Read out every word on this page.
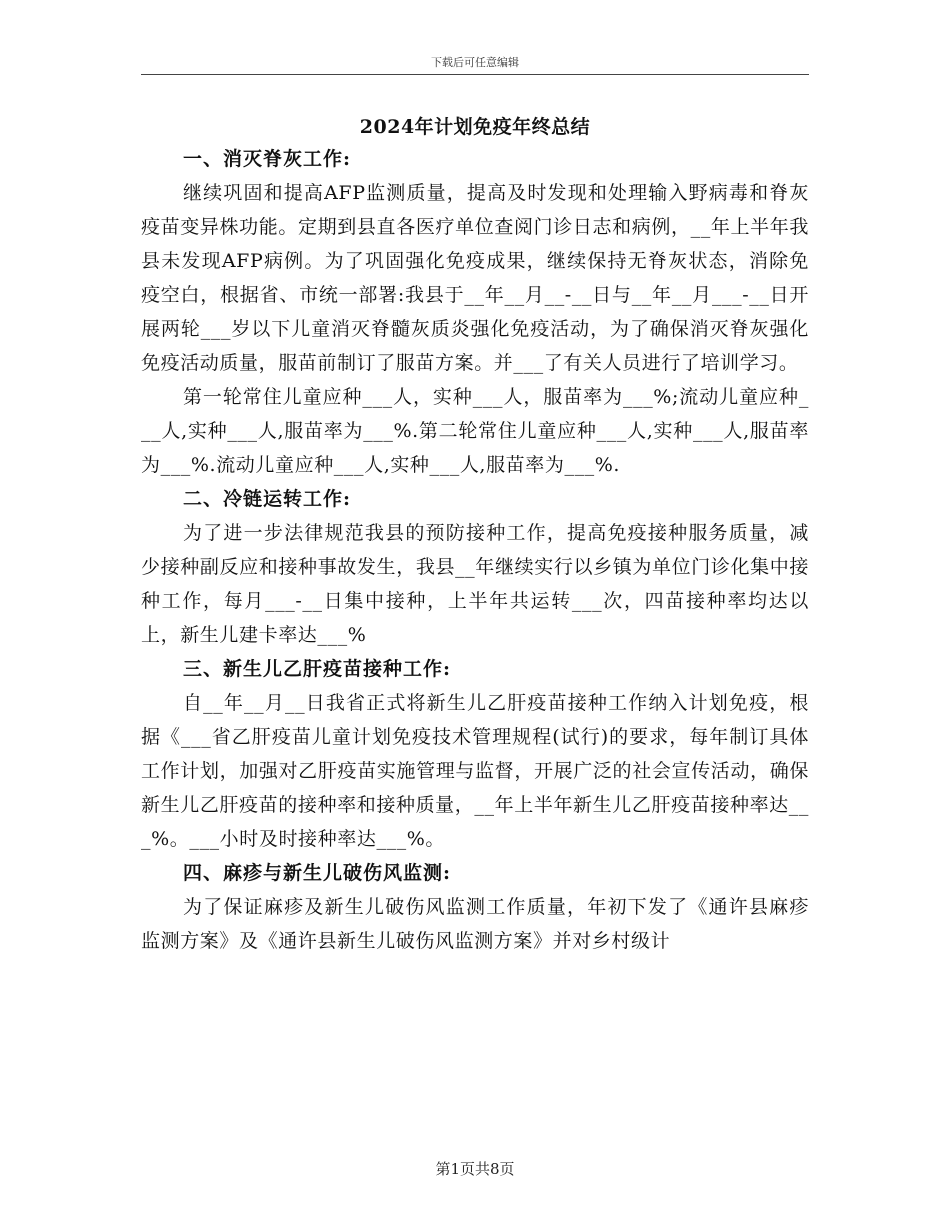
下载后可任意编辑
2024年计划免疫年终总结
一、消灭脊灰工作:

继续巩固和提高AFP监测质量，提高及时发现和处理输入野病毒和脊灰疫苗变异株功能。定期到县直各医疗单位查阅门诊日志和病例，__年上半年我县未发现AFP病例。为了巩固强化免疫成果，继续保持无脊灰状态，消除免疫空白，根据省、市统一部署:我县于__年__月__-__日与__年__月___-__日开展两轮___岁以下儿童消灭脊髓灰质炎强化免疫活动，为了确保消灭脊灰强化免疫活动质量，服苗前制订了服苗方案。并___了有关人员进行了培训学习。

第一轮常住儿童应种___人，实种___人，服苗率为___%;流动儿童应种___人,实种___人,服苗率为___%.第二轮常住儿童应种___人,实种___人,服苗率为___%.流动儿童应种___人,实种___人,服苗率为___%.

二、冷链运转工作:

为了进一步法律规范我县的预防接种工作，提高免疫接种服务质量，减少接种副反应和接种事故发生，我县__年继续实行以乡镇为单位门诊化集中接种工作，每月___-__日集中接种，上半年共运转___次，四苗接种率均达以上，新生儿建卡率达___%

三、新生儿乙肝疫苗接种工作:

自__年__月__日我省正式将新生儿乙肝疫苗接种工作纳入计划免疫，根据《___省乙肝疫苗儿童计划免疫技术管理规程(试行)的要求，每年制订具体工作计划，加强对乙肝疫苗实施管理与监督，开展广泛的社会宣传活动，确保新生儿乙肝疫苗的接种率和接种质量，__年上半年新生儿乙肝疫苗接种率达___%。___小时及时接种率达___%。

四、麻疹与新生儿破伤风监测:

为了保证麻疹及新生儿破伤风监测工作质量，年初下发了《通许县麻疹监测方案》及《通许县新生儿破伤风监测方案》并对乡村级计

第1页共8页
